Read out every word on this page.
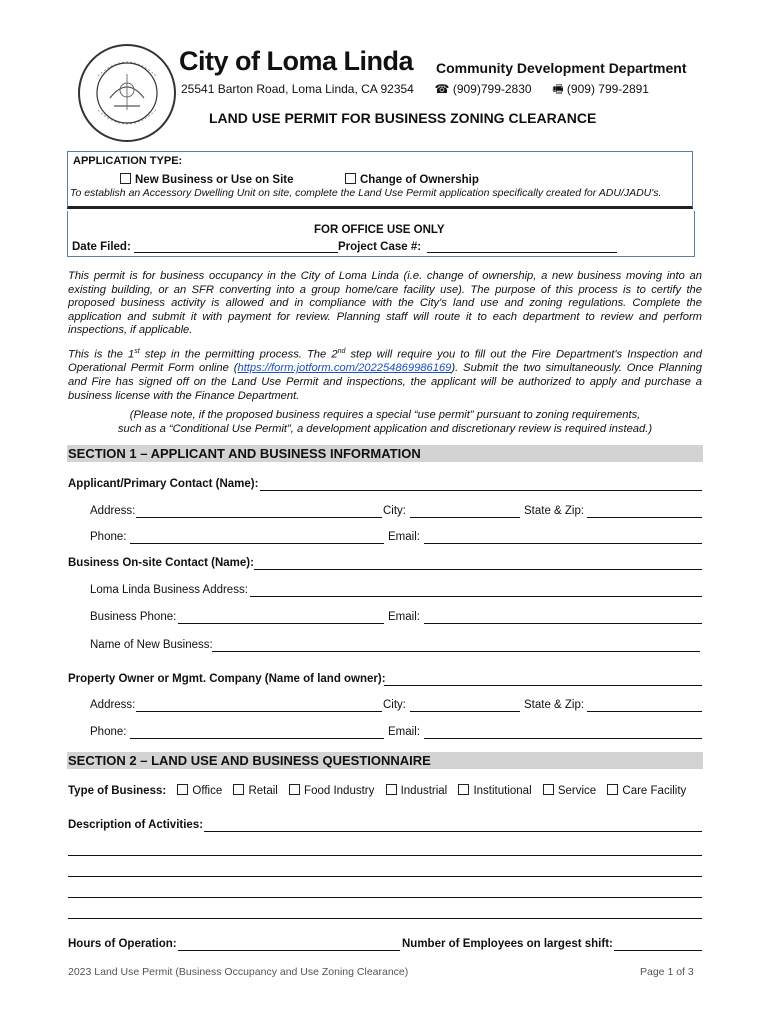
City of Loma Linda Community Development Department
25541 Barton Road, Loma Linda, CA 92354 ☎ (909)799-2830 🖷 (909) 799-2891
LAND USE PERMIT FOR BUSINESS ZONING CLEARANCE
APPLICATION TYPE:
New Business or Use on Site	Change of Ownership
To establish an Accessory Dwelling Unit on site, complete the Land Use Permit application specifically created for ADU/JADU's.
FOR OFFICE USE ONLY
Date Filed:	Project Case #:
This permit is for business occupancy in the City of Loma Linda (i.e. change of ownership, a new business moving into an existing building, or an SFR converting into a group home/care facility use). The purpose of this process is to certify the proposed business activity is allowed and in compliance with the City's land use and zoning regulations. Complete the application and submit it with payment for review. Planning staff will route it to each department to review and perform inspections, if applicable.
This is the 1st step in the permitting process. The 2nd step will require you to fill out the Fire Department's Inspection and Operational Permit Form online (https://form.jotform.com/202254869986169). Submit the two simultaneously. Once Planning and Fire has signed off on the Land Use Permit and inspections, the applicant will be authorized to apply and purchase a business license with the Finance Department.
(Please note, if the proposed business requires a special “use permit” pursuant to zoning requirements,
such as a “Conditional Use Permit”, a development application and discretionary review is required instead.)
SECTION 1 – APPLICANT AND BUSINESS INFORMATION
Applicant/Primary Contact (Name):
Address:	City:	State & Zip:
Phone:	Email:
Business On-site Contact (Name):
Loma Linda Business Address:
Business Phone:	Email:
Name of New Business:
Property Owner or Mgmt. Company (Name of land owner):
Address:	City:	State & Zip:
Phone:	Email:
SECTION 2 – LAND USE AND BUSINESS QUESTIONNAIRE
Type of Business: Office Retail Food Industry Industrial Institutional Service Care Facility
Description of Activities:
Hours of Operation:	Number of Employees on largest shift:
2023 Land Use Permit (Business Occupancy and Use Zoning Clearance)	Page 1 of 3
